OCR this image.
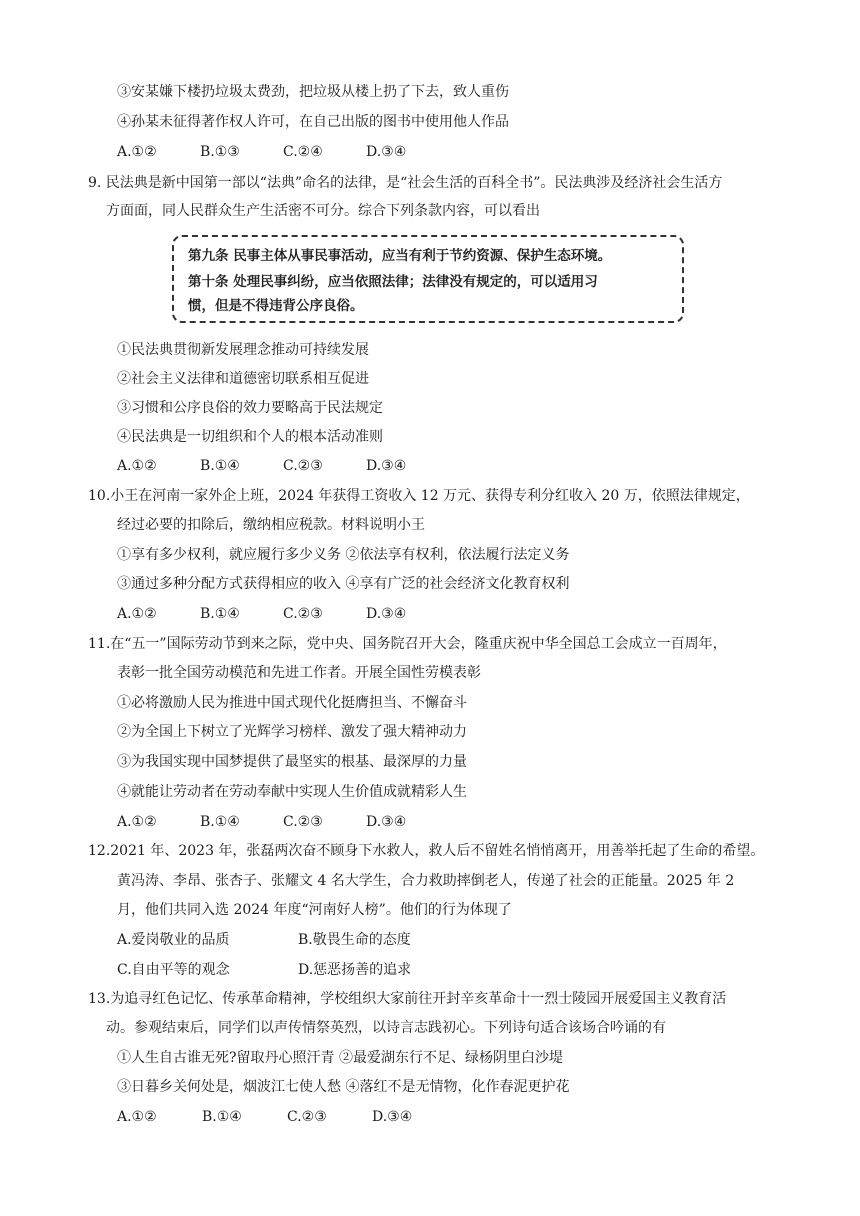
③安某嫌下楼扔垃圾太费劲，把垃圾从楼上扔了下去，致人重伤
④孙某未征得著作权人许可，在自己出版的图书中使用他人作品
A.①②	B.①③	C.②④	D.③④
9. 民法典是新中国第一部以“法典”命名的法律，是“社会生活的百科全书”。民法典涉及经济社会生活方
方面面，同人民群众生产生活密不可分。综合下列条款内容，可以看出
第九条 民事主体从事民事活动，应当有利于节约资源、保护生态环境。
第十条 处理民事纠纷，应当依照法律；法律没有规定的，可以适用习
惯，但是不得违背公序良俗。
①民法典贯彻新发展理念推动可持续发展
②社会主义法律和道德密切联系相互促进
③习惯和公序良俗的效力要略高于民法规定
④民法典是一切组织和个人的根本活动准则
A.①②	B.①④	C.②③	D.③④
10.小王在河南一家外企上班，2024 年获得工资收入 12 万元、获得专利分红收入 20 万，依照法律规定，
经过必要的扣除后，缴纳相应税款。材料说明小王
①享有多少权利，就应履行多少义务 ②依法享有权利，依法履行法定义务
③通过多种分配方式获得相应的收入 ④享有广泛的社会经济文化教育权利
A.①②	B.①④	C.②③	D.③④
11.在“五一”国际劳动节到来之际，党中央、国务院召开大会，隆重庆祝中华全国总工会成立一百周年，
表彰一批全国劳动模范和先进工作者。开展全国性劳模表彰
①必将激励人民为推进中国式现代化挺膺担当、不懈奋斗
②为全国上下树立了光辉学习榜样、激发了强大精神动力
③为我国实现中国梦提供了最坚实的根基、最深厚的力量
④就能让劳动者在劳动奉献中实现人生价值成就精彩人生
A.①②	B.①④	C.②③	D.③④
12.2021 年、2023 年，张磊两次奋不顾身下水救人，救人后不留姓名悄悄离开，用善举托起了生命的希望。
黄冯涛、李昂、张杏子、张耀文 4 名大学生，合力救助摔倒老人，传递了社会的正能量。2025 年 2
月，他们共同入选 2024 年度“河南好人榜”。他们的行为体现了
A.爱岗敬业的品质	B.敬畏生命的态度
C.自由平等的观念	D.惩恶扬善的追求
13.为追寻红色记忆、传承革命精神，学校组织大家前往开封辛亥革命十一烈士陵园开展爱国主义教育活
动。参观结束后，同学们以声传情祭英烈，以诗言志践初心。下列诗句适合该场合吟诵的有
①人生自古谁无死?留取丹心照汗青 ②最爱湖东行不足、绿杨阴里白沙堤
③日暮乡关何处是，烟波江七使人愁 ④落红不是无情物，化作春泥更护花
A.①②	B.①④	C.②③	D.③④
